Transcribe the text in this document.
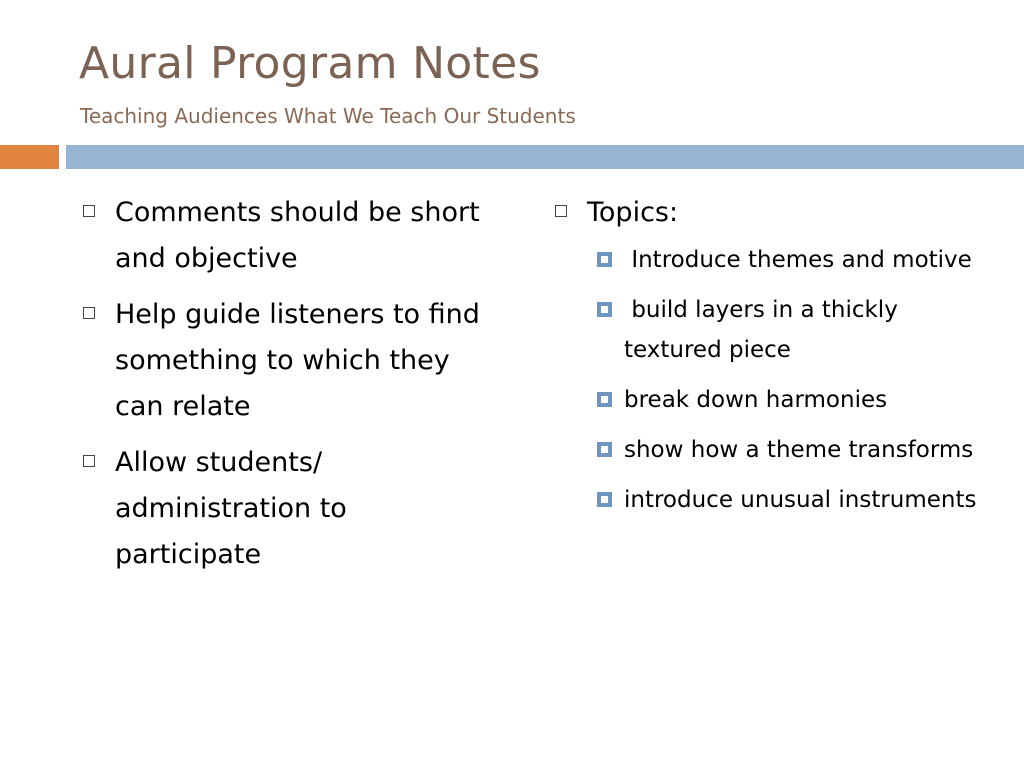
Aural Program Notes
Teaching Audiences What We Teach Our Students
Comments should be short and objective
Help guide listeners to find something to which they can relate
Allow students/ administration to participate
Topics:
Introduce themes and motive
build layers in a thickly textured piece
break down harmonies
show how a theme transforms
introduce unusual instruments
